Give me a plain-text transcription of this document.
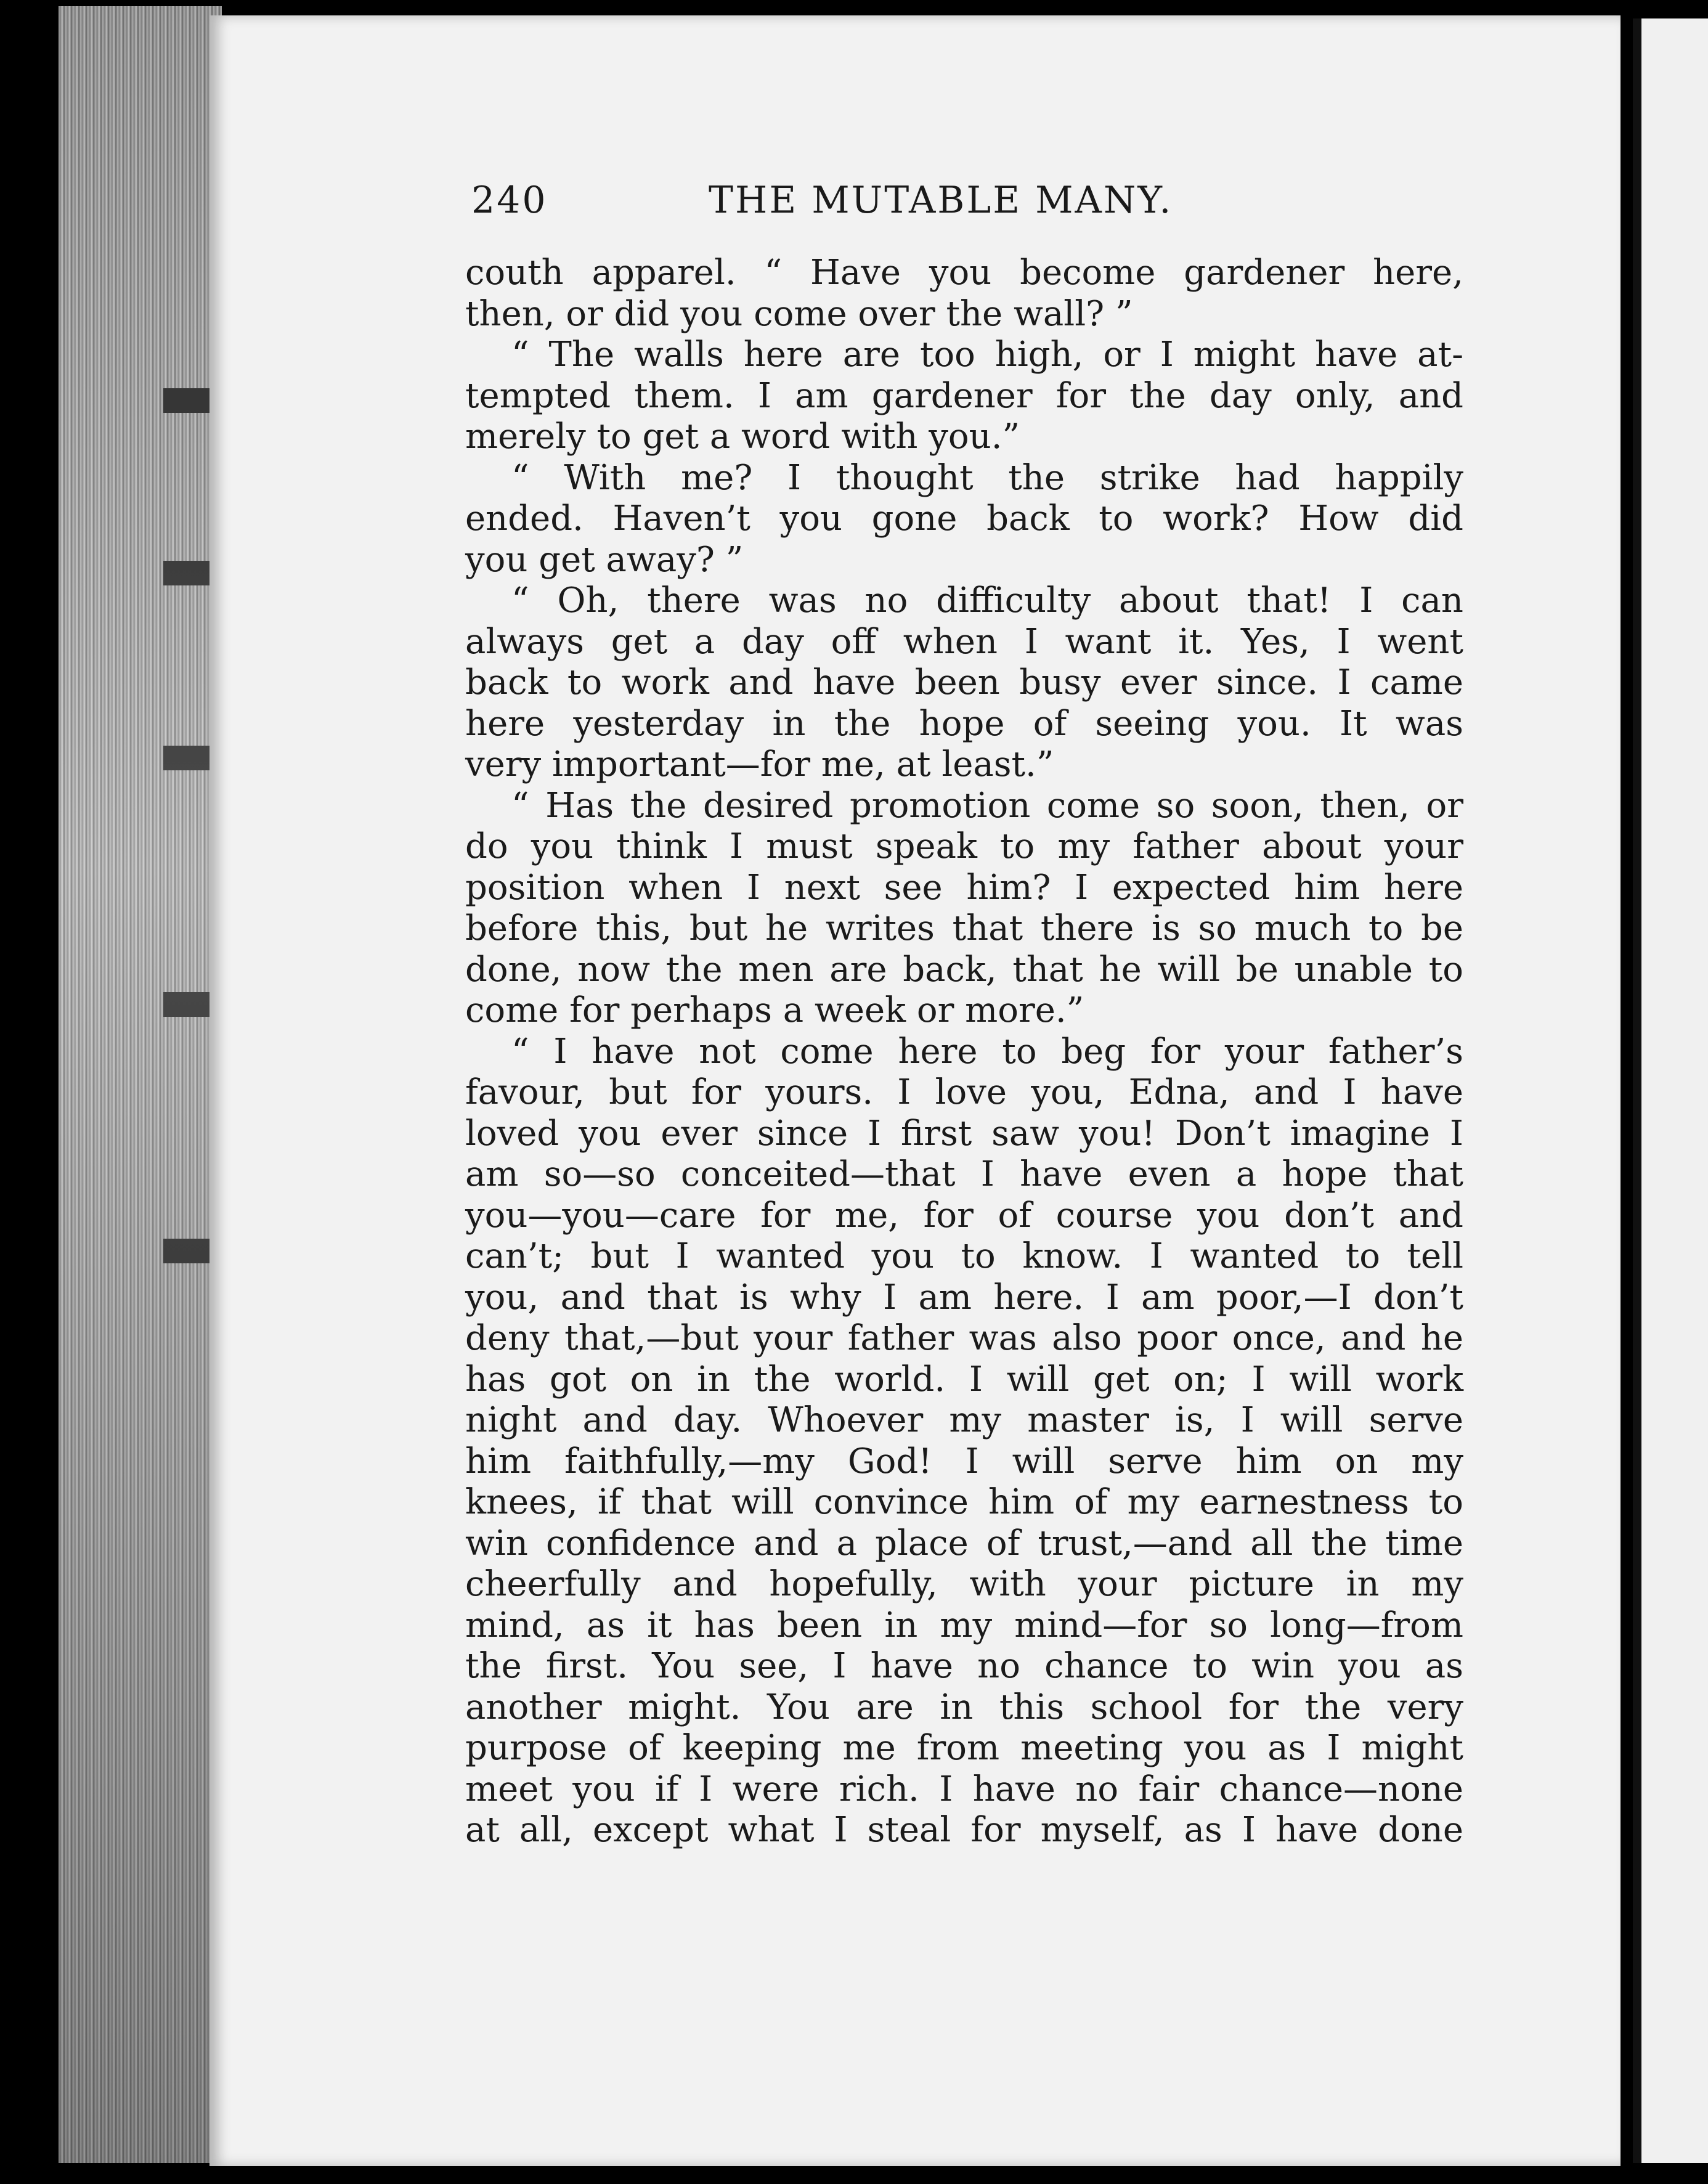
240	THE MUTABLE MANY.
couth apparel. “ Have you become gardener here,
then, or did you come over the wall? ”
“ The walls here are too high, or I might have at-
tempted them. I am gardener for the day only, and
merely to get a word with you.”
“ With me? I thought the strike had happily
ended. Haven’t you gone back to work? How did
you get away? ”
“ Oh, there was no difficulty about that! I can
always get a day off when I want it. Yes, I went
back to work and have been busy ever since. I came
here yesterday in the hope of seeing you. It was
very important—for me, at least.”
“ Has the desired promotion come so soon, then, or
do you think I must speak to my father about your
position when I next see him? I expected him here
before this, but he writes that there is so much to be
done, now the men are back, that he will be unable to
come for perhaps a week or more.”
“ I have not come here to beg for your father’s
favour, but for yours. I love you, Edna, and I have
loved you ever since I first saw you! Don’t imagine I
am so—so conceited—that I have even a hope that
you—you—care for me, for of course you don’t and
can’t; but I wanted you to know. I wanted to tell
you, and that is why I am here. I am poor,—I don’t
deny that,—but your father was also poor once, and he
has got on in the world. I will get on; I will work
night and day. Whoever my master is, I will serve
him faithfully,—my God! I will serve him on my
knees, if that will convince him of my earnestness to
win confidence and a place of trust,—and all the time
cheerfully and hopefully, with your picture in my
mind, as it has been in my mind—for so long—from
the first. You see, I have no chance to win you as
another might. You are in this school for the very
purpose of keeping me from meeting you as I might
meet you if I were rich. I have no fair chance—none
at all, except what I steal for myself, as I have done
